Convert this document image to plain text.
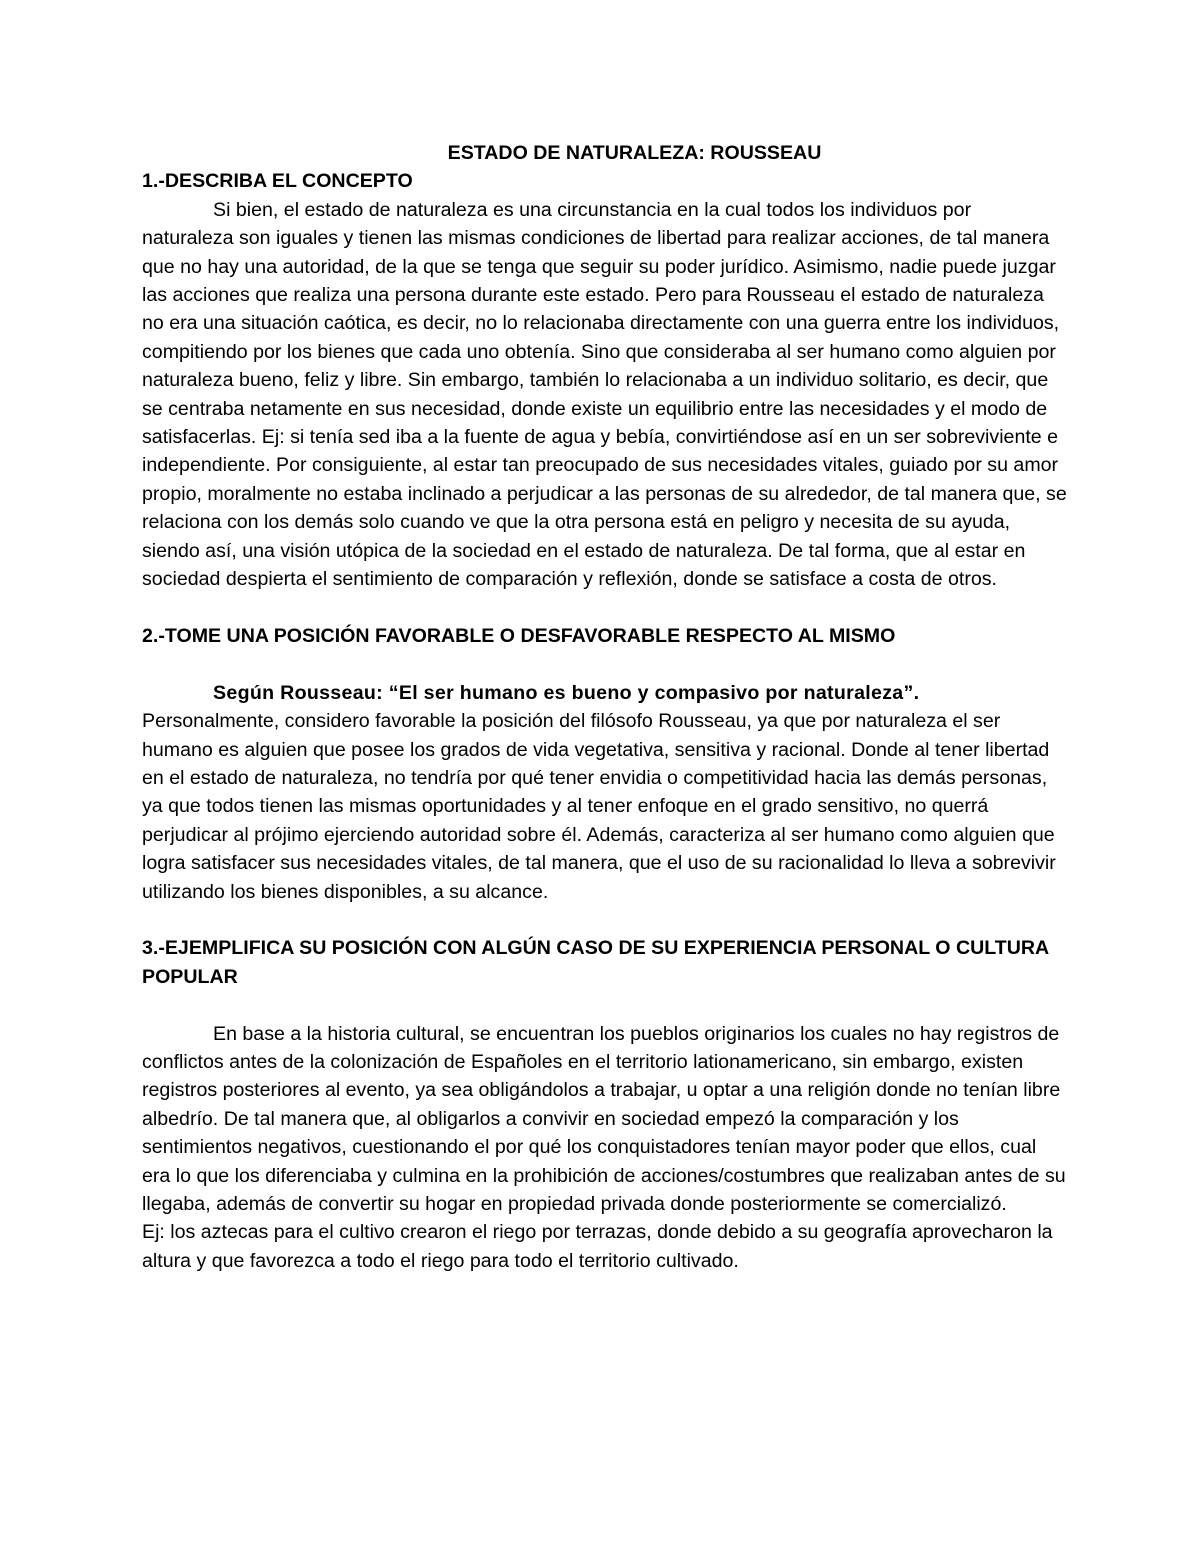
ESTADO DE NATURALEZA: ROUSSEAU

1.-DESCRIBA EL CONCEPTO

Si bien, el estado de naturaleza es una circunstancia en la cual todos los individuos por naturaleza son iguales y tienen las mismas condiciones de libertad para realizar acciones, de tal manera que no hay una autoridad, de la que se tenga que seguir su poder jurídico. Asimismo, nadie puede juzgar las acciones que realiza una persona durante este estado. Pero para Rousseau el estado de naturaleza no era una situación caótica, es decir, no lo relacionaba directamente con una guerra entre los individuos, compitiendo por los bienes que cada uno obtenía. Sino que consideraba al ser humano como alguien por naturaleza bueno, feliz y libre. Sin embargo, también lo relacionaba a un individuo solitario, es decir, que se centraba netamente en sus necesidad, donde existe un equilibrio entre las necesidades y el modo de satisfacerlas. Ej: si tenía sed iba a la fuente de agua y bebía, convirtiéndose así en un ser sobreviviente e independiente. Por consiguiente, al estar tan preocupado de sus necesidades vitales, guiado por su amor propio, moralmente no estaba inclinado a perjudicar a las personas de su alrededor, de tal manera que, se relaciona con los demás solo cuando ve que la otra persona está en peligro y necesita de su ayuda, siendo así, una visión utópica de la sociedad en el estado de naturaleza. De tal forma, que al estar en sociedad despierta el sentimiento de comparación y reflexión, donde se satisface a costa de otros.

2.-TOME UNA POSICIÓN FAVORABLE O DESFAVORABLE RESPECTO AL MISMO

Según Rousseau: “El ser humano es bueno y compasivo por naturaleza”.

Personalmente, considero favorable la posición del filósofo Rousseau, ya que por naturaleza el ser humano es alguien que posee los grados de vida vegetativa, sensitiva y racional. Donde al tener libertad en el estado de naturaleza, no tendría por qué tener envidia o competitividad hacia las demás personas, ya que todos tienen las mismas oportunidades y al tener enfoque en el grado sensitivo, no querrá perjudicar al prójimo ejerciendo autoridad sobre él. Además, caracteriza al ser humano como alguien que logra satisfacer sus necesidades vitales, de tal manera, que el uso de su racionalidad lo lleva a sobrevivir utilizando los bienes disponibles, a su alcance.

3.-EJEMPLIFICA SU POSICIÓN CON ALGÚN CASO DE SU EXPERIENCIA PERSONAL O CULTURA POPULAR

En base a la historia cultural, se encuentran los pueblos originarios los cuales no hay registros de conflictos antes de la colonización de Españoles en el territorio lationamericano, sin embargo, existen registros posteriores al evento, ya sea obligándolos a trabajar, u optar a una religión donde no tenían libre albedrío. De tal manera que, al obligarlos a convivir en sociedad empezó la comparación y los sentimientos negativos, cuestionando el por qué los conquistadores tenían mayor poder que ellos, cual era lo que los diferenciaba y culmina en la prohibición de acciones/costumbres que realizaban antes de su llegaba, además de convertir su hogar en propiedad privada donde posteriormente se comercializó.

Ej: los aztecas para el cultivo crearon el riego por terrazas, donde debido a su geografía aprovecharon la altura y que favorezca a todo el riego para todo el territorio cultivado.
